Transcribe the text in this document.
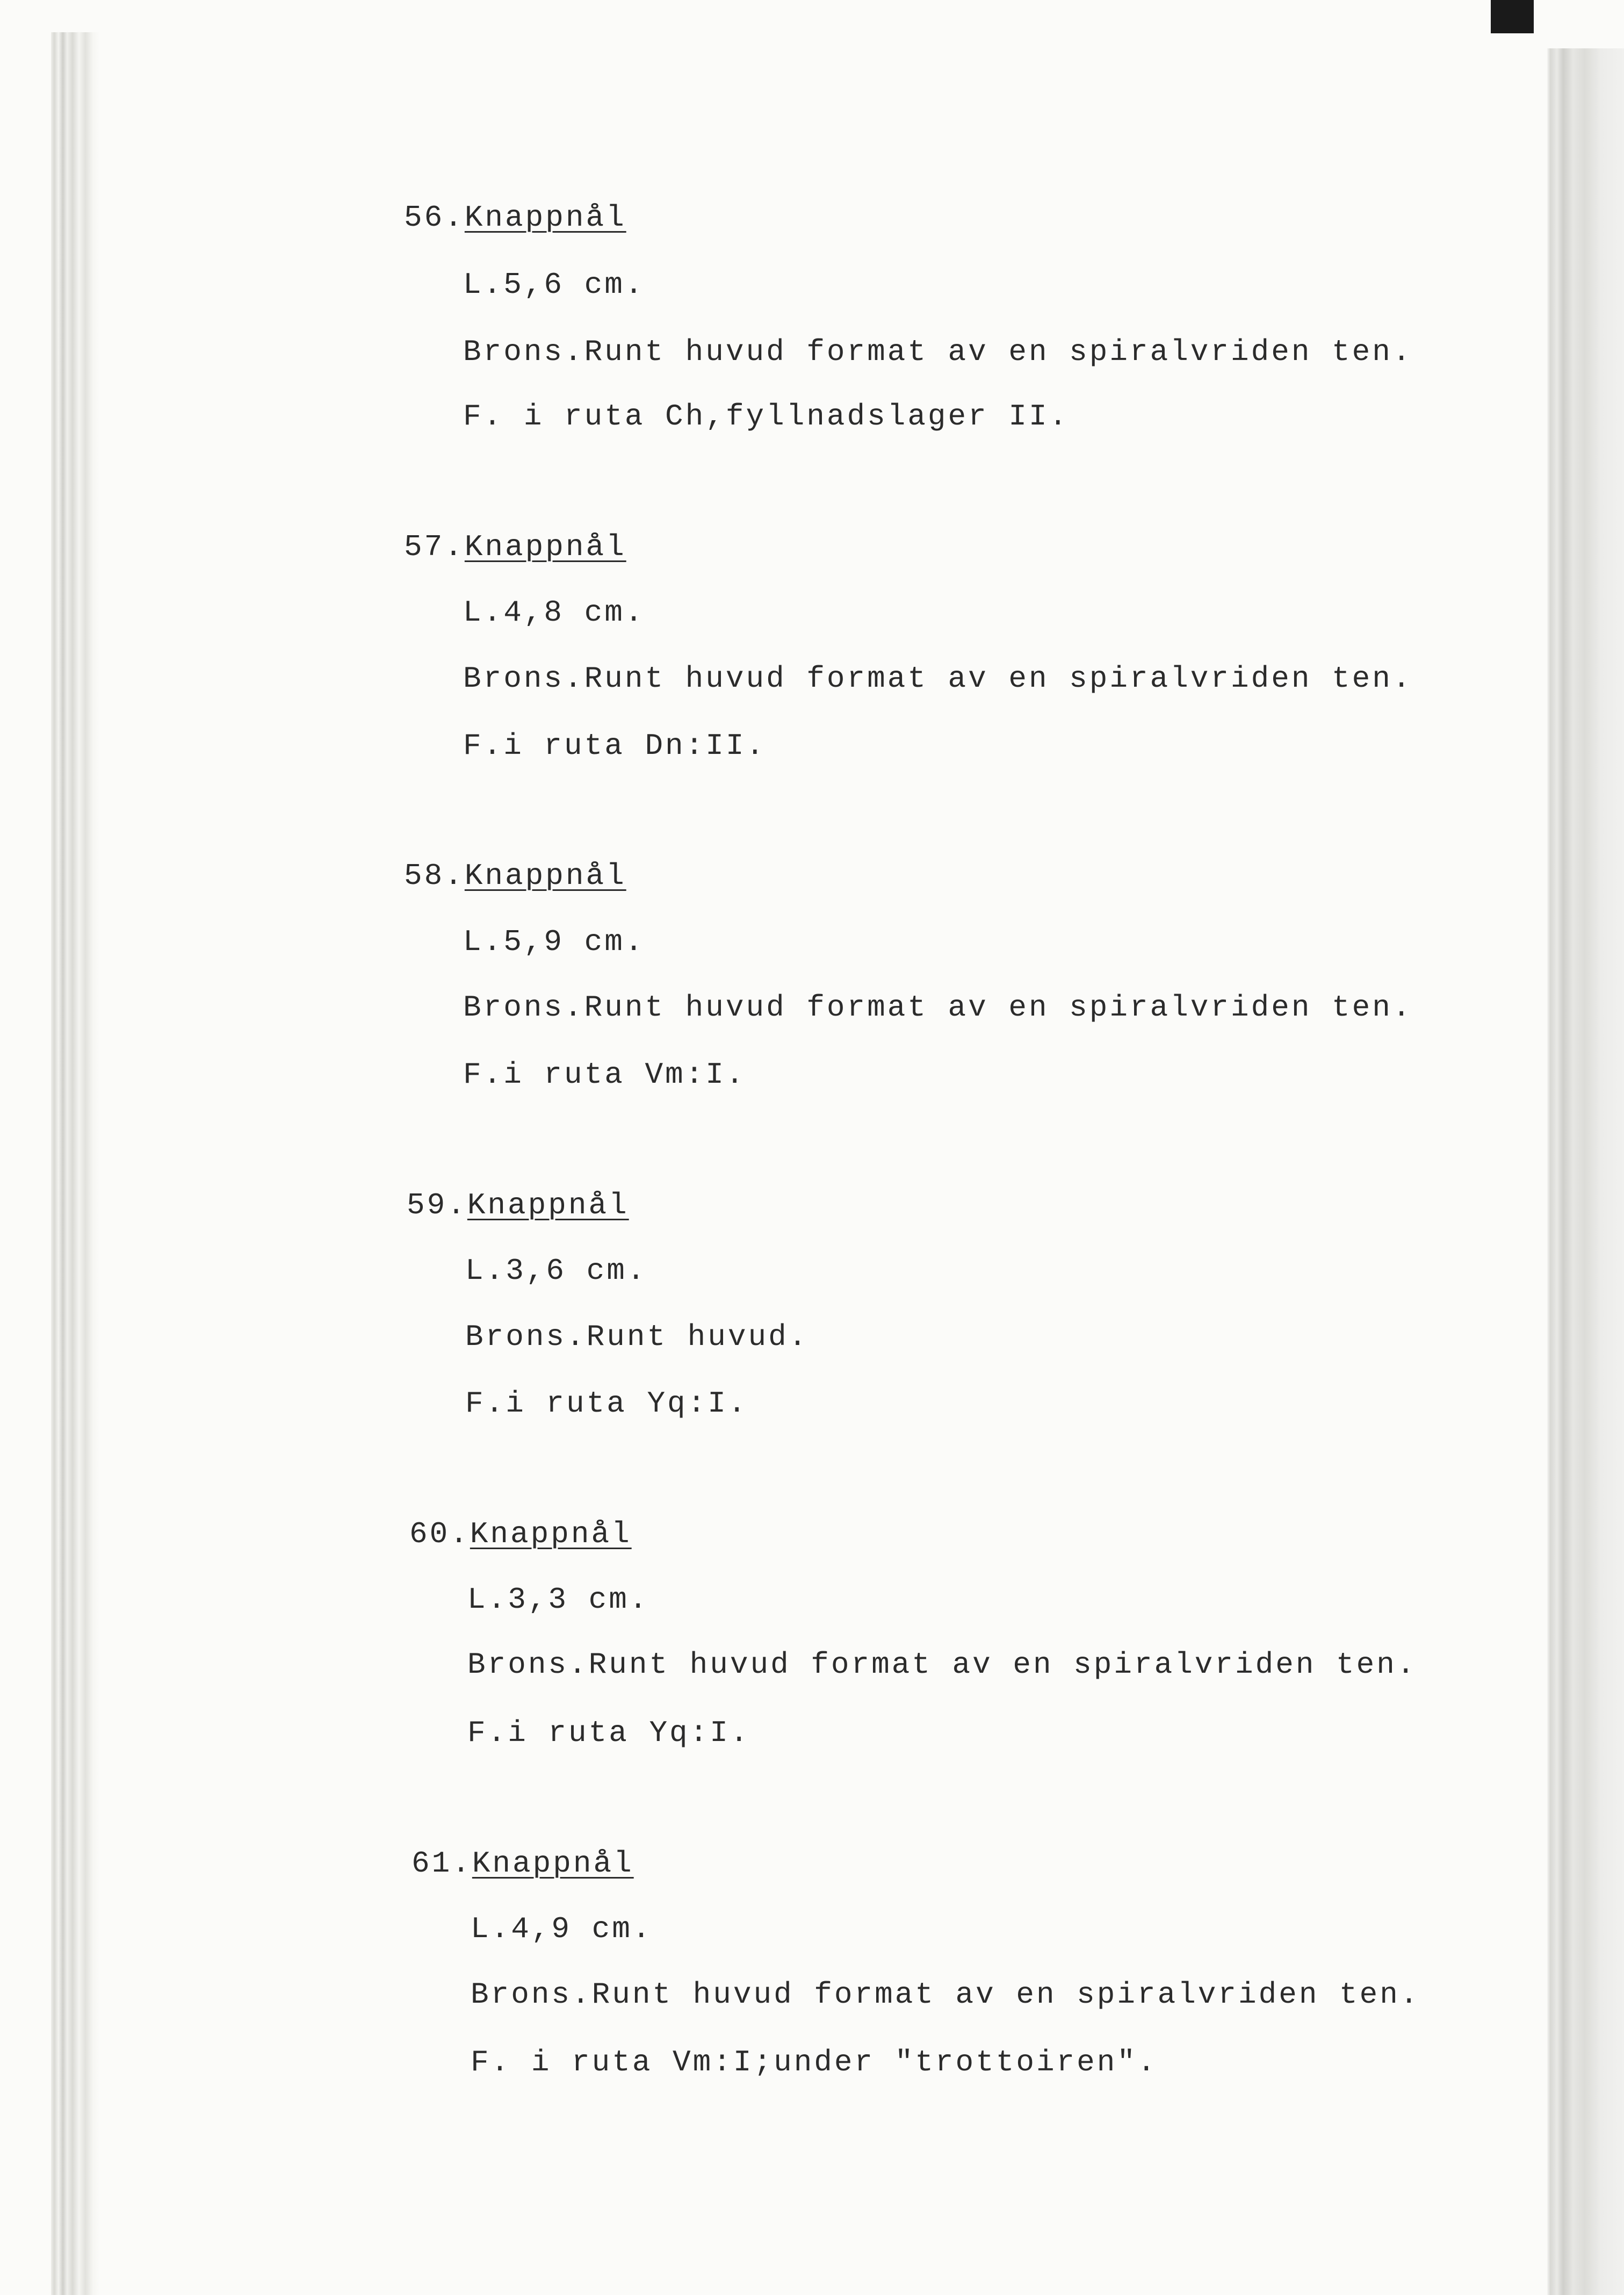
56.Knappnål
L.5,6 cm.
Brons.Runt huvud format av en spiralvriden ten.
F. i ruta Ch,fyllnadslager II.
57.Knappnål
L.4,8 cm.
Brons.Runt huvud format av en spiralvriden ten.
F.i ruta Dn:II.
58.Knappnål
L.5,9 cm.
Brons.Runt huvud format av en spiralvriden ten.
F.i ruta Vm:I.
59.Knappnål
L.3,6 cm.
Brons.Runt huvud.
F.i ruta Yq:I.
60.Knappnål
L.3,3 cm.
Brons.Runt huvud format av en spiralvriden ten.
F.i ruta Yq:I.
61.Knappnål
L.4,9 cm.
Brons.Runt huvud format av en spiralvriden ten.
F. i ruta Vm:I;under "trottoiren".
